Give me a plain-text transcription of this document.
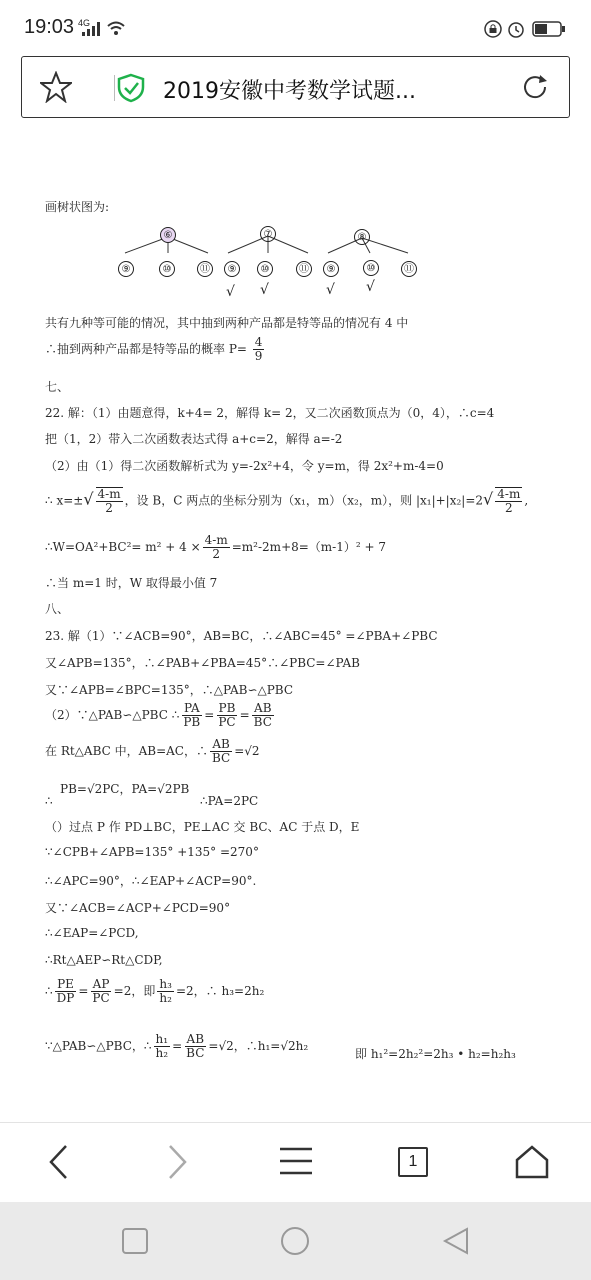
19:03 4G
2019安徽中考数学试题...
画树状图为:
⑥	⑦	⑧
⑨	⑩	⑪	⑨	⑩	⑪	⑨	⑩	⑪
√ √	√ √
共有九种等可能的情况，其中抽到两种产品都是特等品的情况有 4 中
∴抽到两种产品都是特等品的概率 $P= \frac{4}{9}$
七、
22. 解：（1）由题意得，k+4= 2，解得 k= 2，又二次函数顶点为（0，4），∴c=4
把（1，2）带入二次函数表达式得 a+c=2，解得 a=-2
（2）由（1）得二次函数解析式为 y=-2x²+4，令 y=m，得 2x²+m-4=0
∴ $x=\pm√ \frac{4-m}{2}$ ，设 B，C 两点的坐标分别为（x₁，m）（x₂，m），则 $|x_1|+|x_2|=2√ \frac{4-m}{2}$ ,
∴W=OA²+BC²= $m^2 + 4 \times \frac{4-m}{2} =m^2-2m+8=(m-1)^2 + 7$
∴当 m=1 时，W 取得最小值 7
八、
23. 解（1）∵∠ACB=90°，AB=BC，∴∠ABC=45° =∠PBA+∠PBC
又∠APB=135°，∴∠PAB+∠PBA=45°∴∠PBC=∠PAB
又∵∠APB=∠BPC=135°，∴△PAB∽△PBC
（2）∵△PAB∽△PBC ∴ $\frac{PA}{PB} = \frac{PB}{PC} = \frac{AB}{BC}$
在 Rt△ABC 中，AB=AC，∴ $\frac{AB}{BC} =√2$
PB=√2PC，PA=√2PB
∴	∴PA=2PC
（）过点 P 作 PD⊥BC，PE⊥AC 交 BC、AC 于点 D，E
∵∠CPB+∠APB=135° +135° =270°
∴∠APC=90°，∴∠EAP+∠ACP=90°.
又∵∠ACB=∠ACP+∠PCD=90°
∴∠EAP=∠PCD,
∴Rt△AEP∽Rt△CDP,
∴ $\frac{PE}{DP} = \frac{AP}{PC} =2$，即 $\frac{\text{h₃}}{\text{h₂}} =2$，∴ h₃=2h₂
∵△PAB∽△PBC，∴ $\frac{\text{h₁}}{\text{h₂}} = \frac{AB}{BC} =√2$，∴h₁=√2h₂
即 h₁²=2h₂²=2h₃ • h₂=h₂h₃
1
